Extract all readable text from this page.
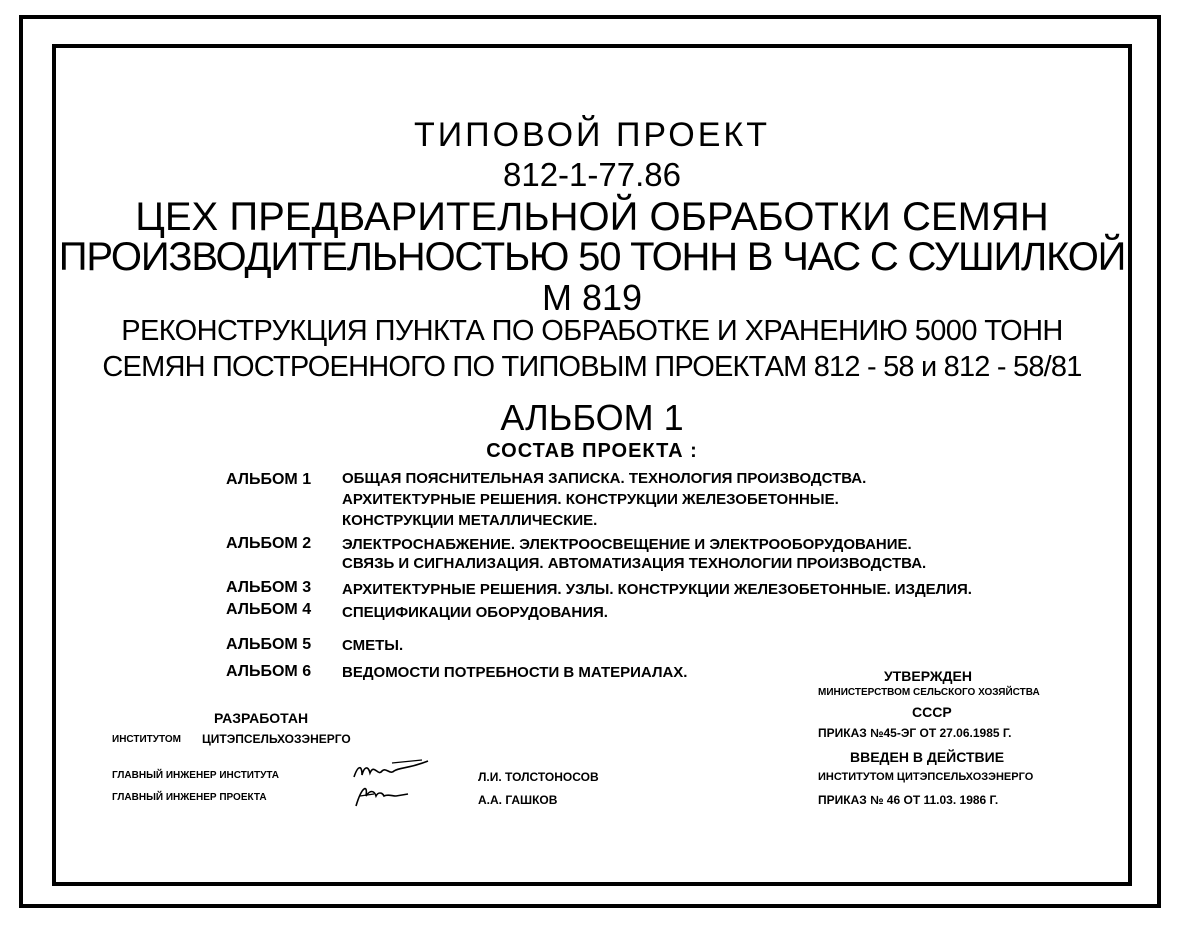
ТИПОВОЙ ПРОЕКТ
812-1-77.86
ЦЕХ ПРЕДВАРИТЕЛЬНОЙ ОБРАБОТКИ СЕМЯН
ПРОИЗВОДИТЕЛЬНОСТЬЮ 50 ТОНН В ЧАС С СУШИЛКОЙ
М 819
РЕКОНСТРУКЦИЯ ПУНКТА ПО ОБРАБОТКЕ И ХРАНЕНИЮ 5000 ТОНН
СЕМЯН ПОСТРОЕННОГО ПО ТИПОВЫМ ПРОЕКТАМ 812 - 58 и 812 - 58/81
АЛЬБОМ 1
СОСТАВ ПРОЕКТА :
АЛЬБОМ 1 ОБЩАЯ ПОЯСНИТЕЛЬНАЯ ЗАПИСКА. ТЕХНОЛОГИЯ ПРОИЗВОДСТВА.
АРХИТЕКТУРНЫЕ РЕШЕНИЯ. КОНСТРУКЦИИ ЖЕЛЕЗОБЕТОННЫЕ.
КОНСТРУКЦИИ МЕТАЛЛИЧЕСКИЕ.
АЛЬБОМ 2 ЭЛЕКТРОСНАБЖЕНИЕ. ЭЛЕКТРООСВЕЩЕНИЕ И ЭЛЕКТРООБОРУДОВАНИЕ.
СВЯЗЬ И СИГНАЛИЗАЦИЯ. АВТОМАТИЗАЦИЯ ТЕХНОЛОГИИ ПРОИЗВОДСТВА.
АЛЬБОМ 3 АРХИТЕКТУРНЫЕ РЕШЕНИЯ. УЗЛЫ. КОНСТРУКЦИИ ЖЕЛЕЗОБЕТОННЫЕ. ИЗДЕЛИЯ.
АЛЬБОМ 4 СПЕЦИФИКАЦИИ ОБОРУДОВАНИЯ.
АЛЬБОМ 5 СМЕТЫ.
АЛЬБОМ 6 ВЕДОМОСТИ ПОТРЕБНОСТИ В МАТЕРИАЛАХ.
РАЗРАБОТАН
ИНСТИТУТОМ ЦИТЭПСЕЛЬХОЗЭНЕРГО
ГЛАВНЫЙ ИНЖЕНЕР ИНСТИТУТА	Л.И. ТОЛСТОНОСОВ
ГЛАВНЫЙ ИНЖЕНЕР ПРОЕКТА	А.А. ГАШКОВ
УТВЕРЖДЕН
МИНИСТЕРСТВОМ СЕЛЬСКОГО ХОЗЯЙСТВА
СССР
ПРИКАЗ №45-ЭГ ОТ 27.06.1985 Г.
ВВЕДЕН В ДЕЙСТВИЕ
ИНСТИТУТОМ ЦИТЭПСЕЛЬХОЗЭНЕРГО
ПРИКАЗ № 46 ОТ 11.03. 1986 Г.
